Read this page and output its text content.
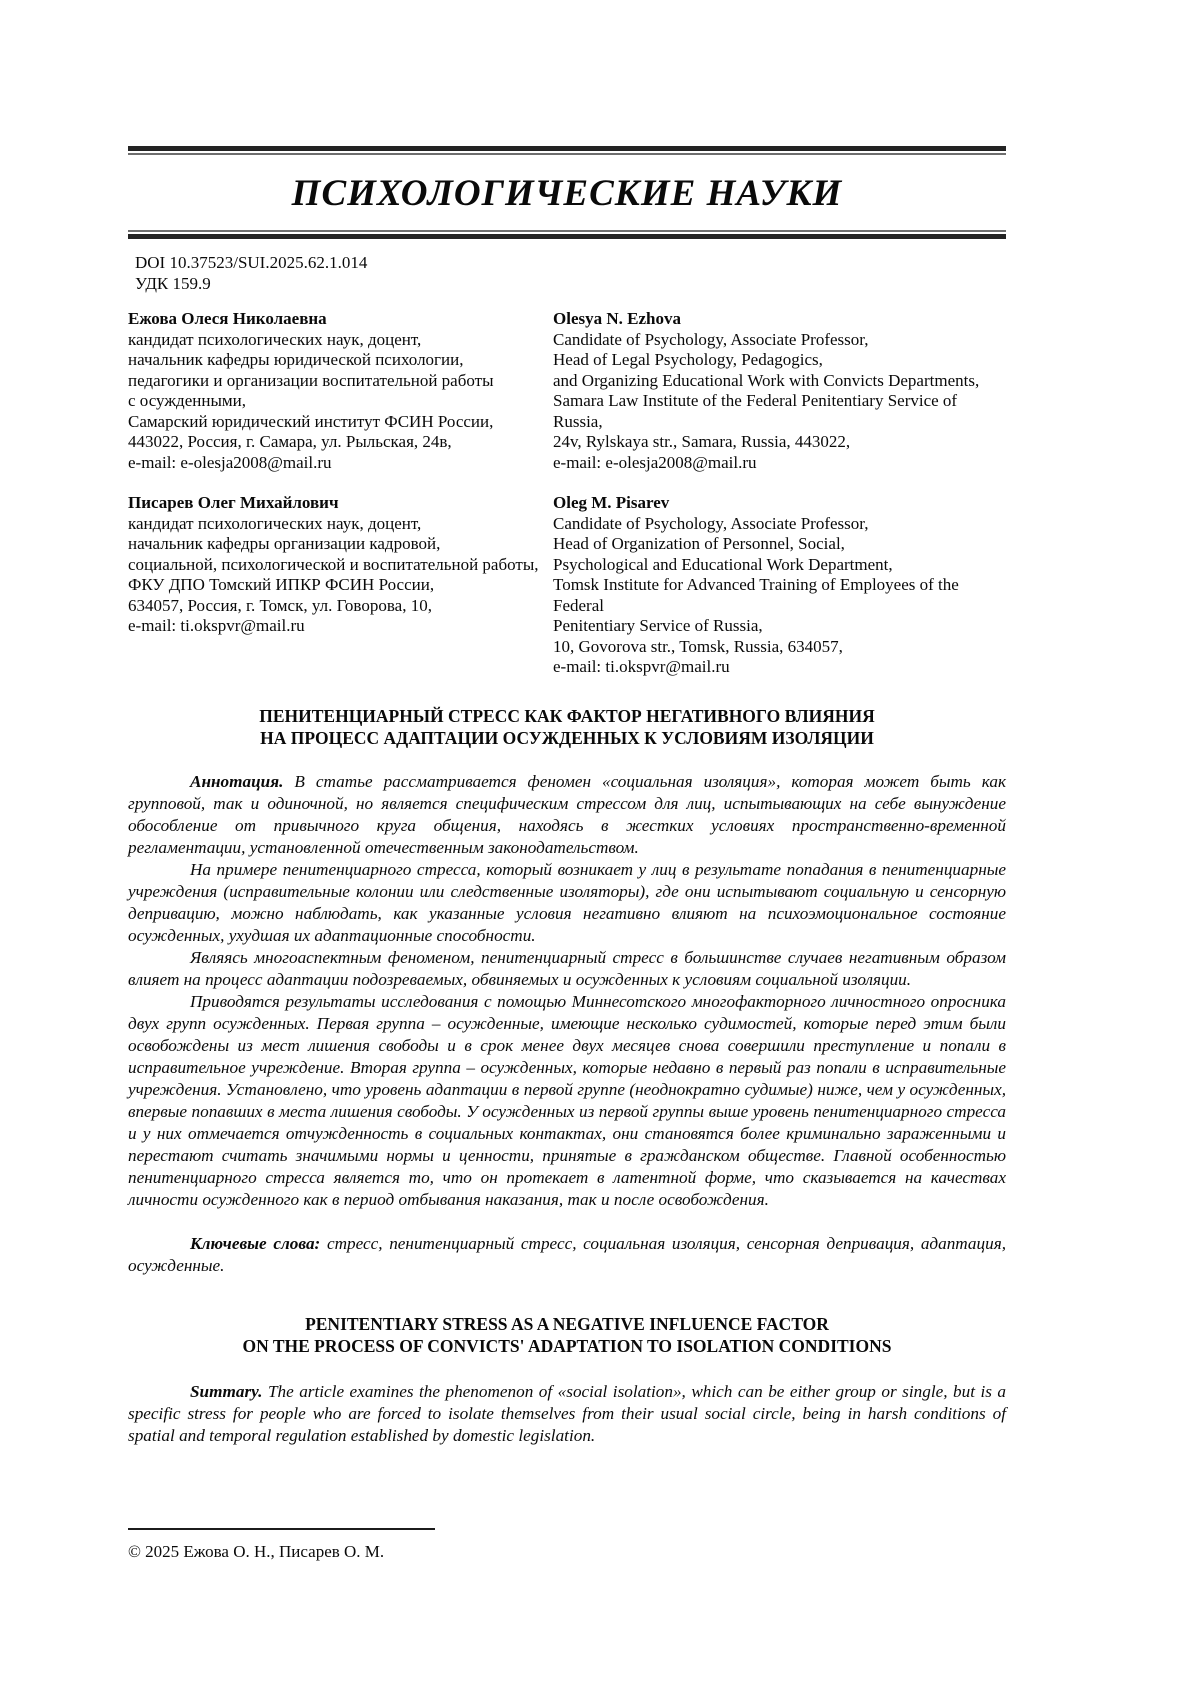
ПСИХОЛОГИЧЕСКИЕ НАУКИ
DOI 10.37523/SUI.2025.62.1.014
УДК 159.9
Ежова Олеся Николаевна
кандидат психологических наук, доцент,
начальник кафедры юридической психологии,
педагогики и организации воспитательной работы
с осужденными,
Самарский юридический институт ФСИН России,
443022, Россия, г. Самара, ул. Рыльская, 24в,
e-mail: e-olesja2008@mail.ru
Olesya N. Ezhova
Candidate of Psychology, Associate Professor,
Head of Legal Psychology, Pedagogics,
and Organizing Educational Work with Convicts Departments,
Samara Law Institute of the Federal Penitentiary Service of Russia,
24v, Rylskaya str., Samara, Russia, 443022,
e-mail: e-olesja2008@mail.ru
Писарев Олег Михайлович
кандидат психологических наук, доцент,
начальник кафедры организации кадровой,
социальной, психологической и воспитательной работы,
ФКУ ДПО Томский ИПКР ФСИН России,
634057, Россия, г. Томск, ул. Говорова, 10,
e-mail: ti.okspvr@mail.ru
Oleg M. Pisarev
Candidate of Psychology, Associate Professor,
Head of Organization of Personnel, Social,
Psychological and Educational Work Department,
Tomsk Institute for Advanced Training of Employees of the Federal
Penitentiary Service of Russia,
10, Govorova str., Tomsk, Russia, 634057,
e-mail: ti.okspvr@mail.ru
ПЕНИТЕНЦИАРНЫЙ СТРЕСС КАК ФАКТОР НЕГАТИВНОГО ВЛИЯНИЯ
НА ПРОЦЕСС АДАПТАЦИИ ОСУЖДЕННЫХ К УСЛОВИЯМ ИЗОЛЯЦИИ

Аннотация. В статье рассматривается феномен «социальная изоляция», которая может быть как групповой, так и одиночной, но является специфическим стрессом для лиц, испытывающих на себе вынуждение обособление от привычного круга общения, находясь в жестких условиях пространственно-временной регламентации, установленной отечественным законодательством.

На примере пенитенциарного стресса, который возникает у лиц в результате попадания в пенитенциарные учреждения (исправительные колонии или следственные изоляторы), где они испытывают социальную и сенсорную депривацию, можно наблюдать, как указанные условия негативно влияют на психоэмоциональное состояние осужденных, ухудшая их адаптационные способности.

Являясь многоаспектным феноменом, пенитенциарный стресс в большинстве случаев негативным образом влияет на процесс адаптации подозреваемых, обвиняемых и осужденных к условиям социальной изоляции.

Приводятся результаты исследования с помощью Миннесотского многофакторного личностного опросника двух групп осужденных. Первая группа – осужденные, имеющие несколько судимостей, которые перед этим были освобождены из мест лишения свободы и в срок менее двух месяцев снова совершили преступление и попали в исправительное учреждение. Вторая группа – осужденных, которые недавно в первый раз попали в исправительные учреждения. Установлено, что уровень адаптации в первой группе (неоднократно судимые) ниже, чем у осужденных, впервые попавших в места лишения свободы. У осужденных из первой группы выше уровень пенитенциарного стресса и у них отмечается отчужденность в социальных контактах, они становятся более криминально зараженными и перестают считать значимыми нормы и ценности, принятые в гражданском обществе. Главной особенностью пенитенциарного стресса является то, что он протекает в латентной форме, что сказывается на качествах личности осужденного как в период отбывания наказания, так и после освобождения.

Ключевые слова: стресс, пенитенциарный стресс, социальная изоляция, сенсорная депривация, адаптация, осужденные.

PENITENTIARY STRESS AS A NEGATIVE INFLUENCE FACTOR
ON THE PROCESS OF CONVICTS' ADAPTATION TO ISOLATION CONDITIONS

Summary. The article examines the phenomenon of «social isolation», which can be either group or single, but is a specific stress for people who are forced to isolate themselves from their usual social circle, being in harsh conditions of spatial and temporal regulation established by domestic legislation.

© 2025 Ежова О. Н., Писарев О. М.
